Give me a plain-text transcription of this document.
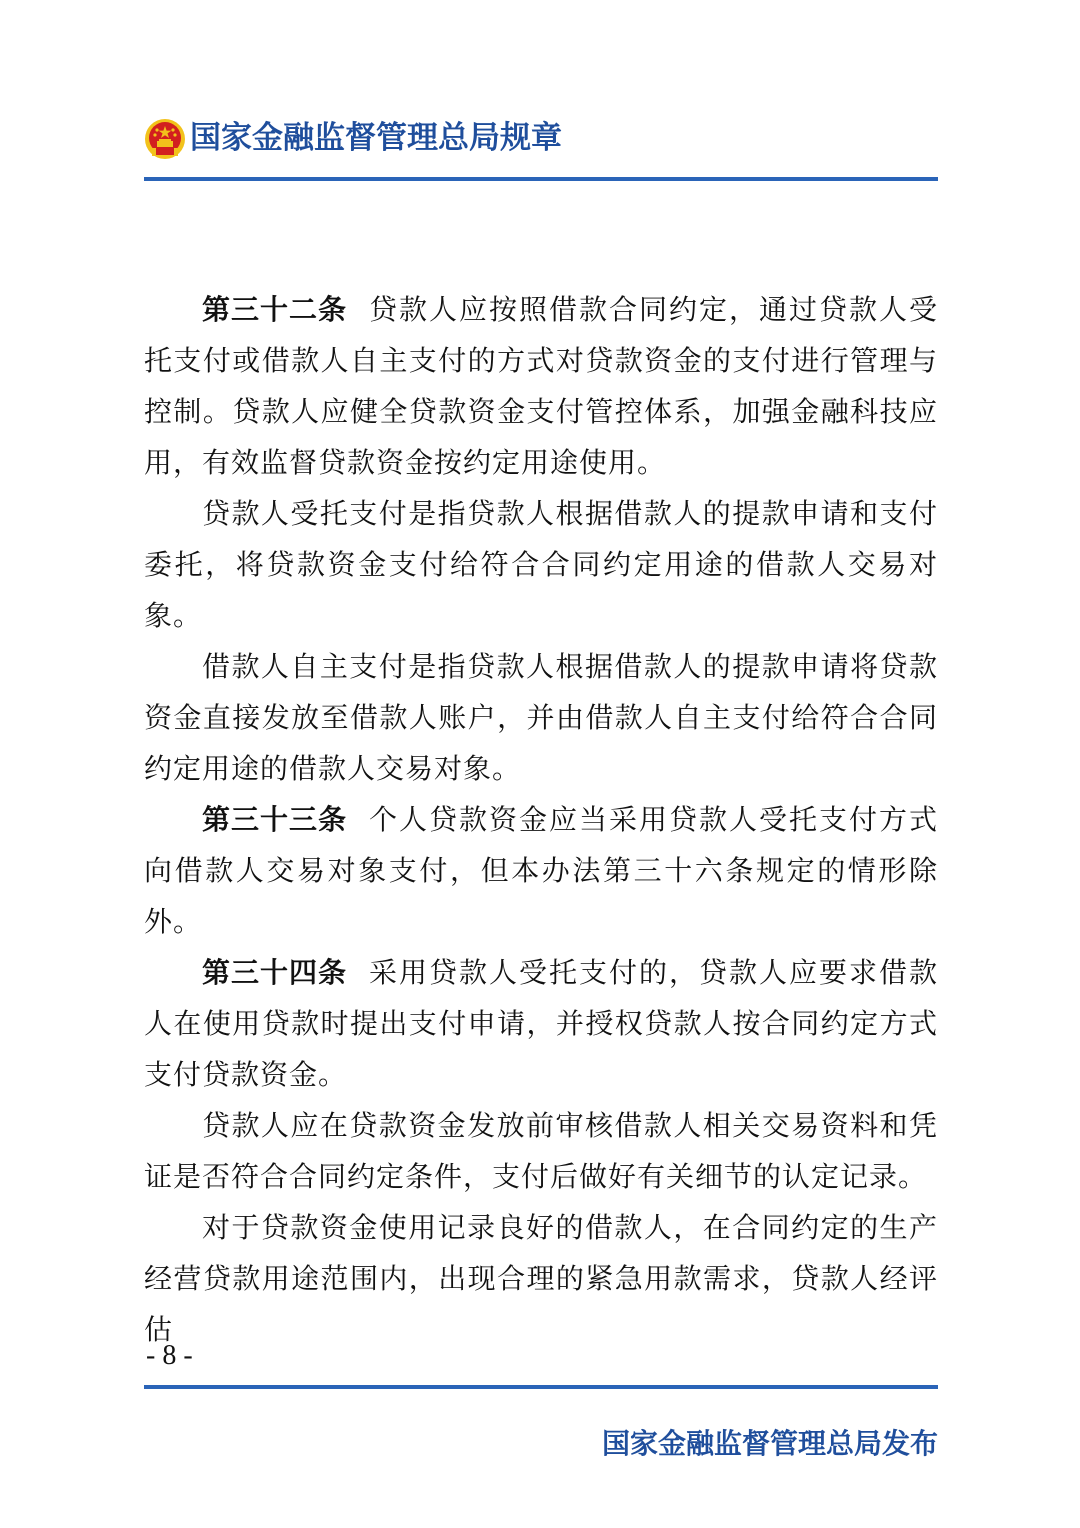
国家金融监督管理总局规章

第三十二条 贷款人应按照借款合同约定，通过贷款人受托支付或借款人自主支付的方式对贷款资金的支付进行管理与控制。贷款人应健全贷款资金支付管控体系，加强金融科技应用，有效监督贷款资金按约定用途使用。

贷款人受托支付是指贷款人根据借款人的提款申请和支付委托，将贷款资金支付给符合合同约定用途的借款人交易对象。

借款人自主支付是指贷款人根据借款人的提款申请将贷款资金直接发放至借款人账户，并由借款人自主支付给符合合同约定用途的借款人交易对象。

第三十三条 个人贷款资金应当采用贷款人受托支付方式向借款人交易对象支付，但本办法第三十六条规定的情形除外。

第三十四条 采用贷款人受托支付的，贷款人应要求借款人在使用贷款时提出支付申请，并授权贷款人按合同约定方式支付贷款资金。

贷款人应在贷款资金发放前审核借款人相关交易资料和凭证是否符合合同约定条件，支付后做好有关细节的认定记录。

对于贷款资金使用记录良好的借款人，在合同约定的生产经营贷款用途范围内，出现合理的紧急用款需求，贷款人经评估

- 8 -
国家金融监督管理总局发布
